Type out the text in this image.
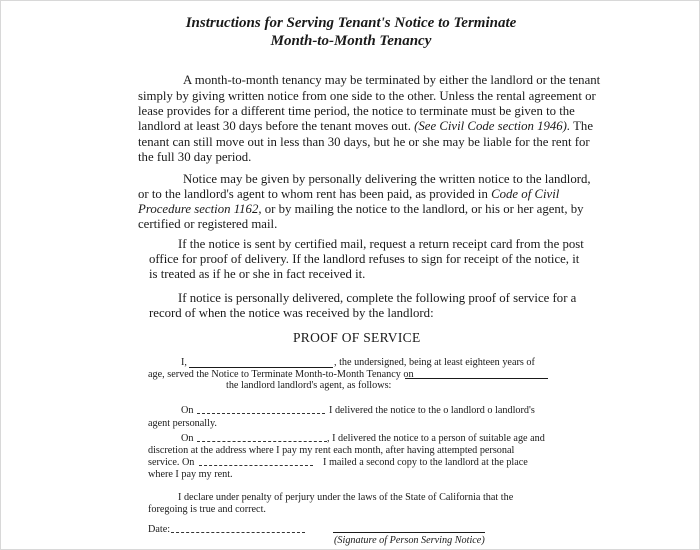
Instructions for Serving Tenant's Notice to Terminate
Month-to-Month Tenancy
A month-to-month tenancy may be terminated by either the landlord or the tenant
simply by giving written notice from one side to the other. Unless the rental agreement or
lease provides for a different time period, the notice to terminate must be given to the
landlord at least 30 days before the tenant moves out. (See Civil Code section 1946). The
tenant can still move out in less than 30 days, but he or she may be liable for the rent for
the full 30 day period.
Notice may be given by personally delivering the written notice to the landlord,
or to the landlord's agent to whom rent has been paid, as provided in Code of Civil
Procedure section 1162, or by mailing the notice to the landlord, or his or her agent, by
certified or registered mail.
If the notice is sent by certified mail, request a return receipt card from the post
office for proof of delivery. If the landlord refuses to sign for receipt of the notice, it
is treated as if he or she in fact received it.
If notice is personally delivered, complete the following proof of service for a
record of when the notice was received by the landlord:
PROOF OF SERVICE
I,	, the undersigned, being at least eighteen years of
age, served the Notice to Terminate Month-to-Month Tenancy on
the landlord landlord's agent, as follows:
On	I delivered the notice to the o landlord o landlord's
agent personally.
On	, I delivered the notice to a person of suitable age and
discretion at the address where I pay my rent each month, after having attempted personal
service. On	I mailed a second copy to the landlord at the place
where I pay my rent.
I declare under penalty of perjury under the laws of the State of California that the
foregoing is true and correct.
Date:
(Signature of Person Serving Notice)
